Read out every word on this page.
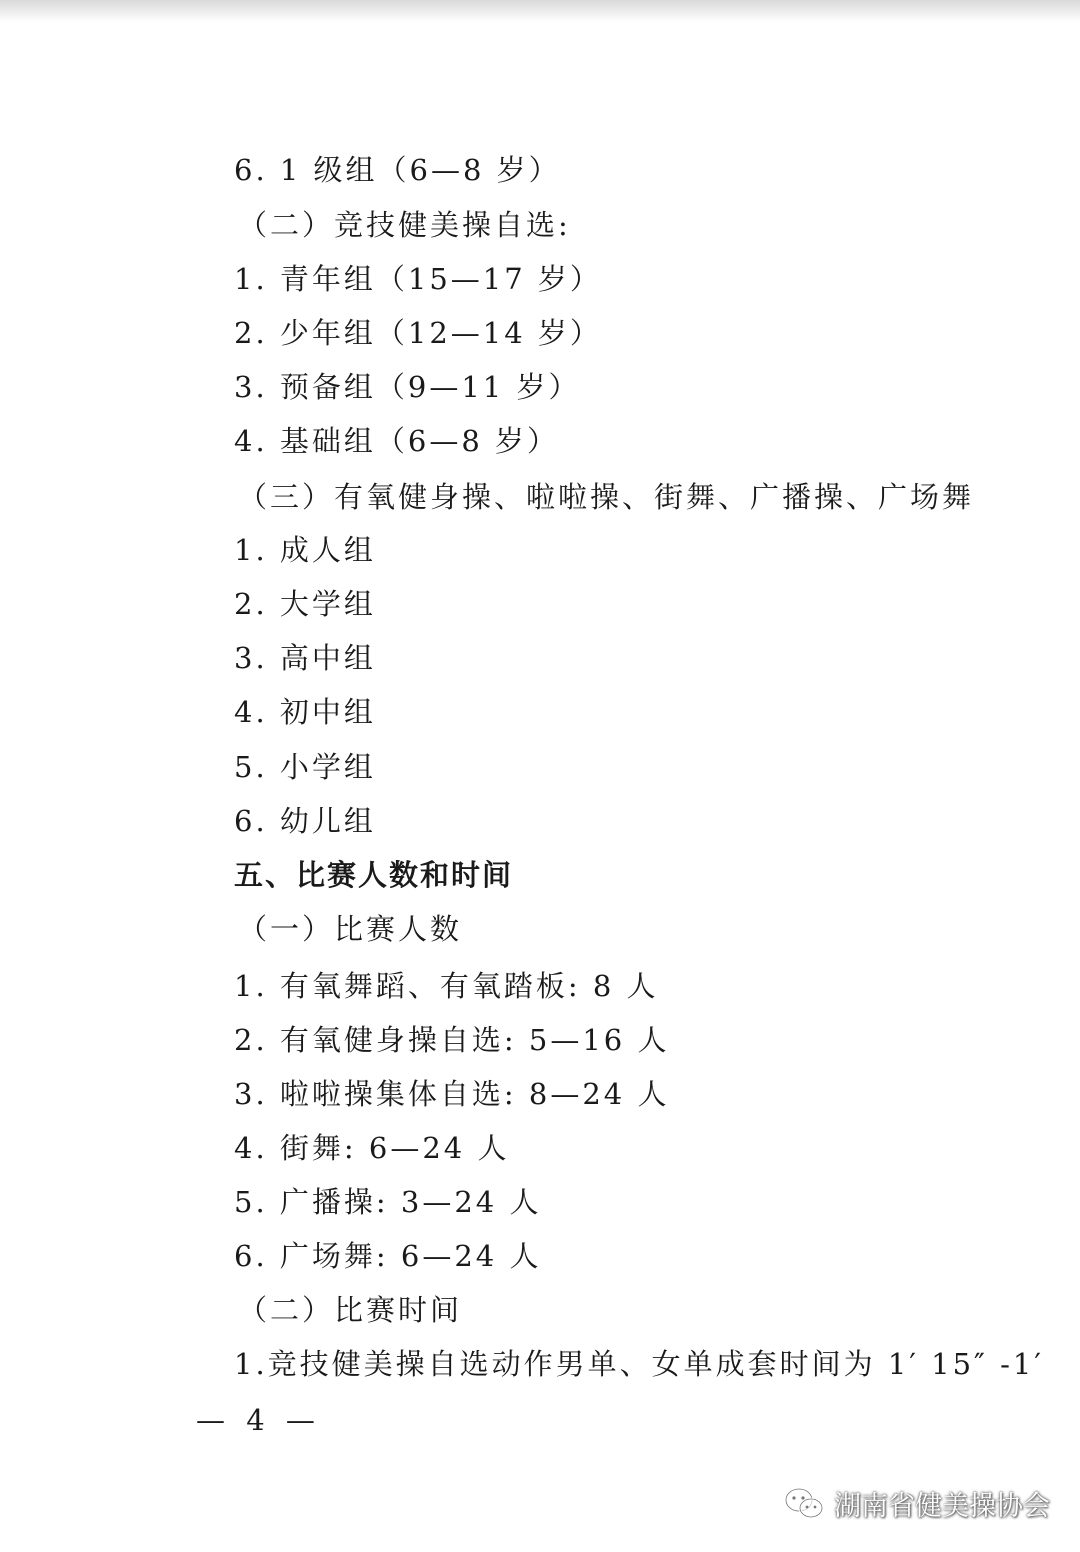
6. 1 级组（6—8 岁）
（二）竞技健美操自选:
1. 青年组（15—17 岁）
2. 少年组（12—14 岁）
3. 预备组（9—11 岁）
4. 基础组（6—8 岁）
（三）有氧健身操、啦啦操、街舞、广播操、广场舞
1. 成人组
2. 大学组
3. 高中组
4. 初中组
5. 小学组
6. 幼儿组
五、比赛人数和时间
（一）比赛人数
1. 有氧舞蹈、有氧踏板: 8 人
2. 有氧健身操自选: 5—16 人
3. 啦啦操集体自选: 8—24 人
4. 街舞: 6—24 人
5. 广播操: 3—24 人
6. 广场舞: 6—24 人
（二）比赛时间
1.竞技健美操自选动作男单、女单成套时间为 1′ 15″ -1′
— 4 —
湖南省健美操协会
